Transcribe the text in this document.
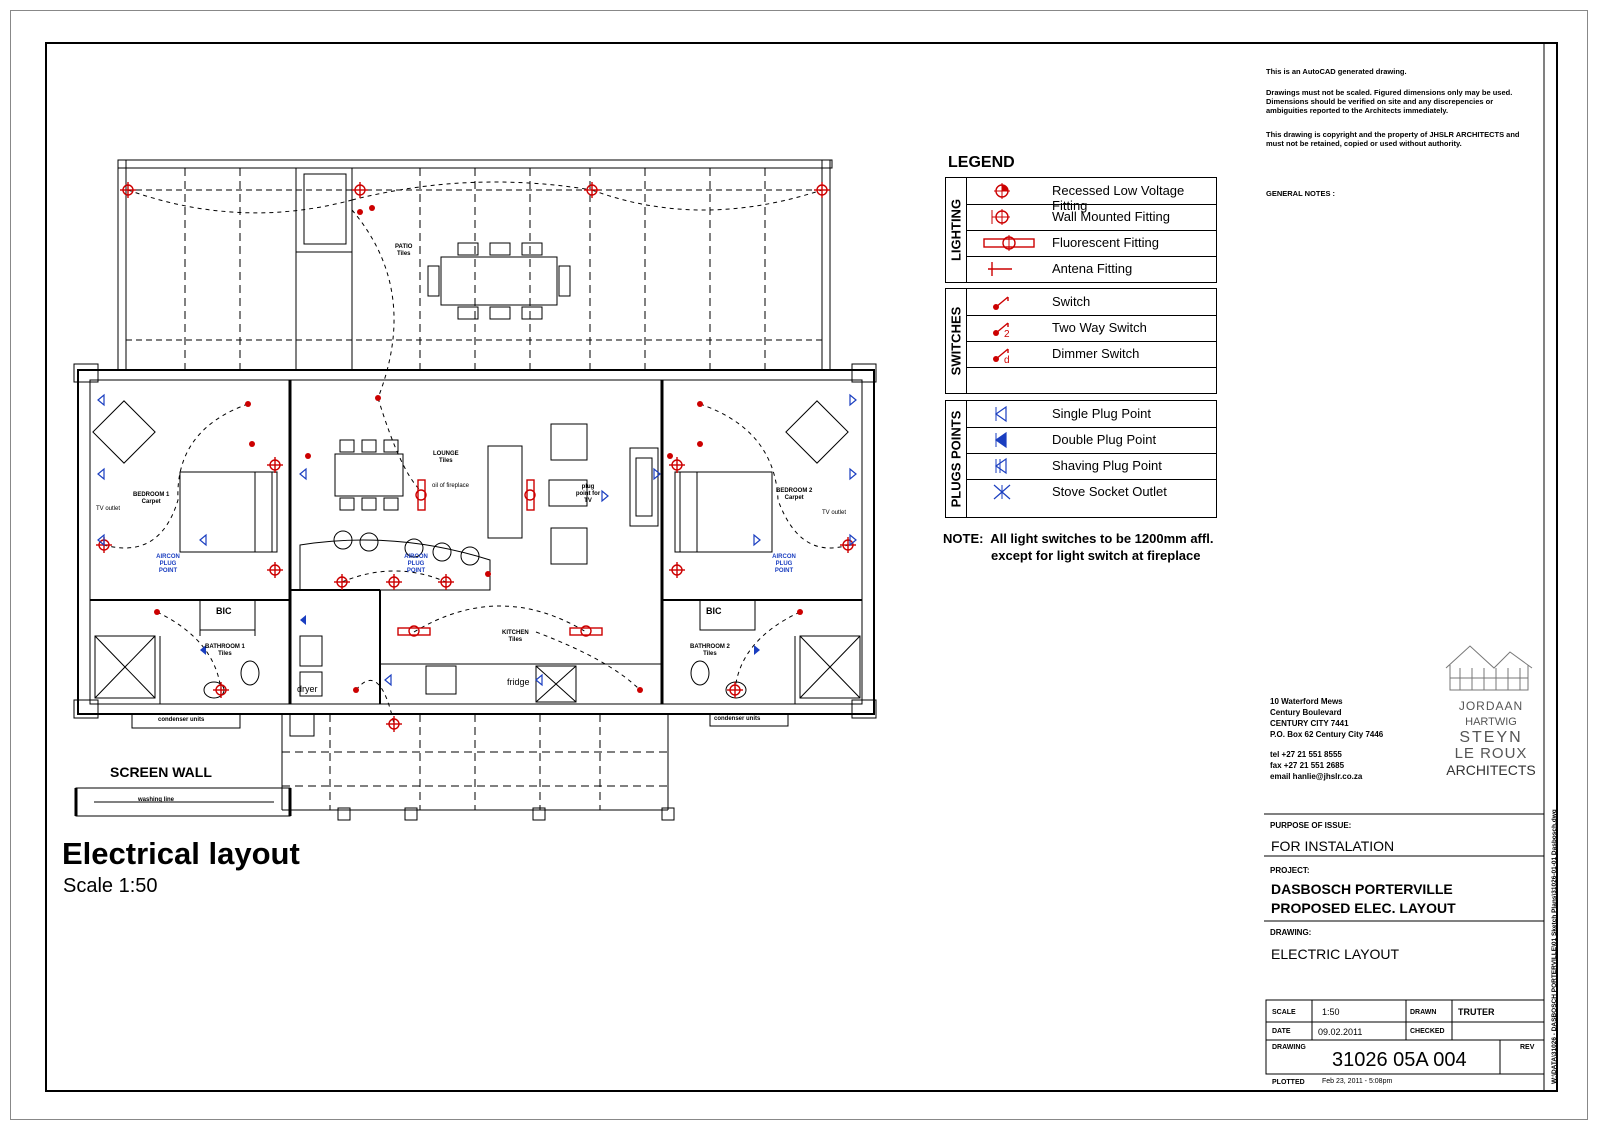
PATIO
Tiles
LOUNGE
Tiles
BEDROOM 1
Carpet
BEDROOM 2
Carpet
BATHROOM 1
Tiles
BATHROOM 2
Tiles
KITCHEN
Tiles
BIC	BIC
TV outlet
TV outlet
AIRCON PLUG POINT
AIRCON PLUG POINT
AIRCON PLUG POINT
fridge
dryer
condenser units	condenser units
washing line
plug point for TV
oil of fireplace
SCREEN WALL
Electrical layout
Scale 1:50
This is an AutoCAD generated drawing.
Drawings must not be scaled. Figured dimensions only may be used. Dimensions should be verified on site and any discrepencies or ambiguities reported to the Architects immediately.
This drawing is copyright and the property of JHSLR ARCHITECTS and must not be retained, copied or used without authority.
GENERAL NOTES :
LEGEND
LIGHTING
Recessed Low Voltage Fitting
Wall Mounted Fitting
Fluorescent Fitting
Antena Fitting
SWITCHES
Switch
2	Two Way Switch
d	Dimmer Switch
PLUGS POINTS	Single Plug Point
Double Plug Point
Shaving Plug Point
Stove Socket Outlet
NOTE: All light switches to be 1200mm affl.
except for light switch at fireplace
10 Waterford Mews
Century Boulevard
CENTURY CITY 7441
P.O. Box 62 Century City 7446
tel +27 21 551 8555
fax +27 21 551 2685
email hanlie@jhslr.co.za
JORDAAN
HARTWIG
STEYN
LE ROUX
ARCHITECTS
PURPOSE OF ISSUE:
FOR INSTALATION
PROJECT:
DASBOSCH PORTERVILLE
PROPOSED ELEC. LAYOUT
DRAWING:
ELECTRIC LAYOUT
SCALE	1:50	DRAWN TRUTER
DATE	09.02.2011	CHECKED
DRAWING
31026 05A 004
REV
PLOTTED Feb 23, 2011 - 5:08pm	W:\DATA\31026 - DASBOSCH PORTERVILLE\01 Sketch Plans\31026-01-01 Dasbosch.dwg
